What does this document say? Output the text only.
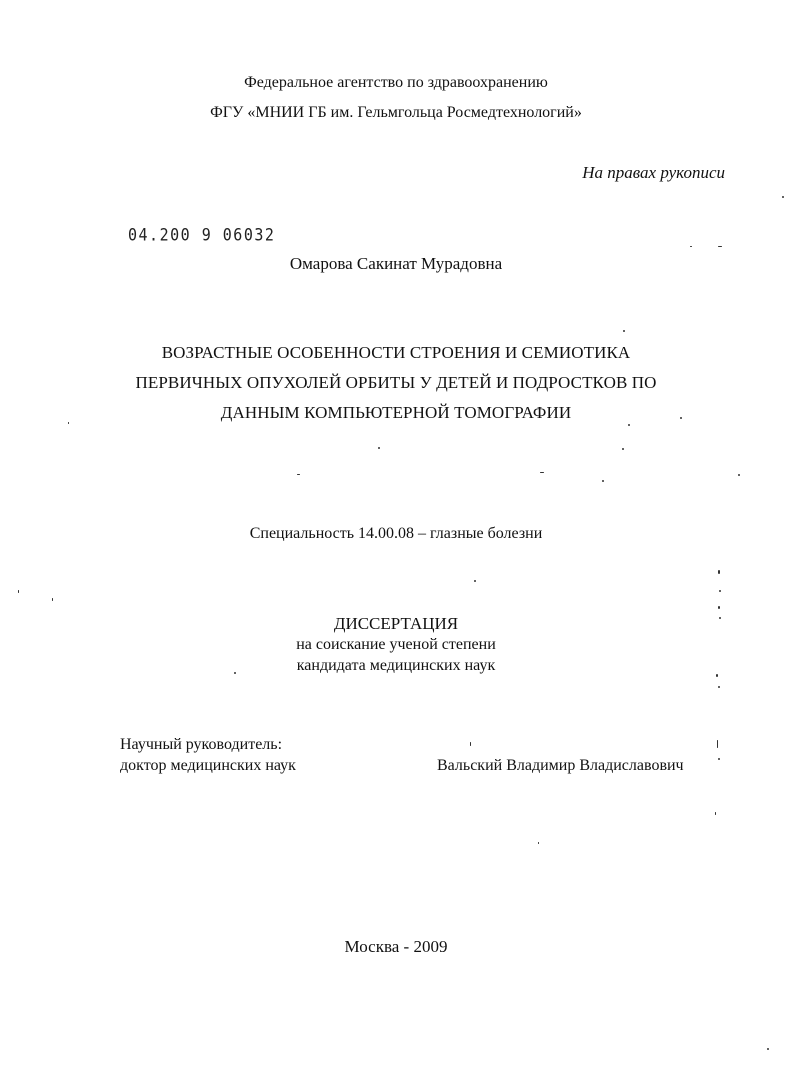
Федеральное агентство по здравоохранению
ФГУ «МНИИ ГБ им. Гельмгольца Росмедтехнологий»
На правах рукописи
04.200 9 06032
Омарова Сакинат Мурадовна
ВОЗРАСТНЫЕ ОСОБЕННОСТИ СТРОЕНИЯ И СЕМИОТИКА
ПЕРВИЧНЫХ ОПУХОЛЕЙ ОРБИТЫ У ДЕТЕЙ И ПОДРОСТКОВ ПО
ДАННЫМ КОМПЬЮТЕРНОЙ ТОМОГРАФИИ
Специальность 14.00.08 – глазные болезни
ДИССЕРТАЦИЯ
на соискание ученой степени
кандидата медицинских наук
Научный руководитель:
доктор медицинских наук	Вальский Владимир Владиславович
Москва - 2009
